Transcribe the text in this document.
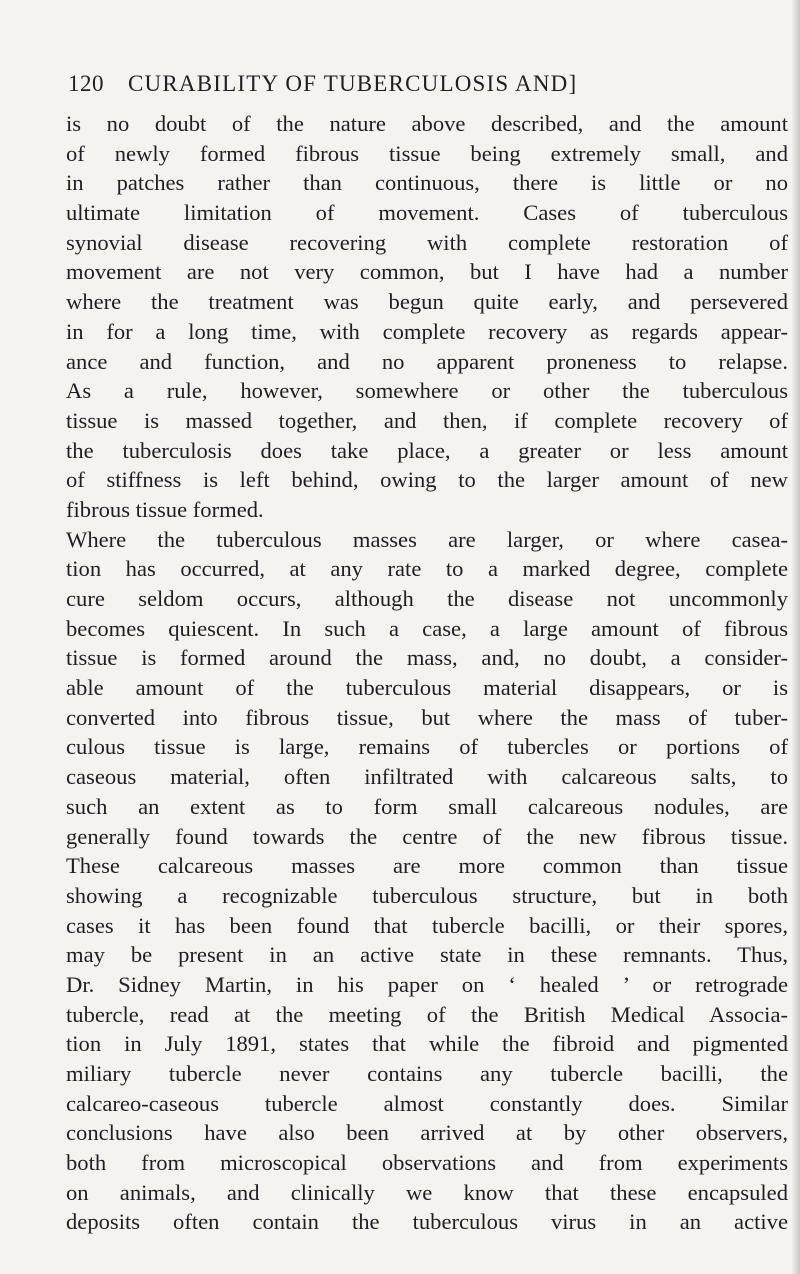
120 CURABILITY OF TUBERCULOSIS AND]
is no doubt of the nature above described, and the amount
of newly formed fibrous tissue being extremely small, and
in patches rather than continuous, there is little or no
ultimate limitation of movement. Cases of tuberculous
synovial disease recovering with complete restoration of
movement are not very common, but I have had a number
where the treatment was begun quite early, and persevered
in for a long time, with complete recovery as regards appear-
ance and function, and no apparent proneness to relapse.
As a rule, however, somewhere or other the tuberculous
tissue is massed together, and then, if complete recovery of
the tuberculosis does take place, a greater or less amount
of stiffness is left behind, owing to the larger amount of new
fibrous tissue formed.
Where the tuberculous masses are larger, or where casea-
tion has occurred, at any rate to a marked degree, complete
cure seldom occurs, although the disease not uncommonly
becomes quiescent. In such a case, a large amount of fibrous
tissue is formed around the mass, and, no doubt, a consider-
able amount of the tuberculous material disappears, or is
converted into fibrous tissue, but where the mass of tuber-
culous tissue is large, remains of tubercles or portions of
caseous material, often infiltrated with calcareous salts, to
such an extent as to form small calcareous nodules, are
generally found towards the centre of the new fibrous tissue.
These calcareous masses are more common than tissue
showing a recognizable tuberculous structure, but in both
cases it has been found that tubercle bacilli, or their spores,
may be present in an active state in these remnants. Thus,
Dr. Sidney Martin, in his paper on ‘ healed ’ or retrograde
tubercle, read at the meeting of the British Medical Associa-
tion in July 1891, states that while the fibroid and pigmented
miliary tubercle never contains any tubercle bacilli, the
calcareo-caseous tubercle almost constantly does. Similar
conclusions have also been arrived at by other observers,
both from microscopical observations and from experiments
on animals, and clinically we know that these encapsuled
deposits often contain the tuberculous virus in an active
